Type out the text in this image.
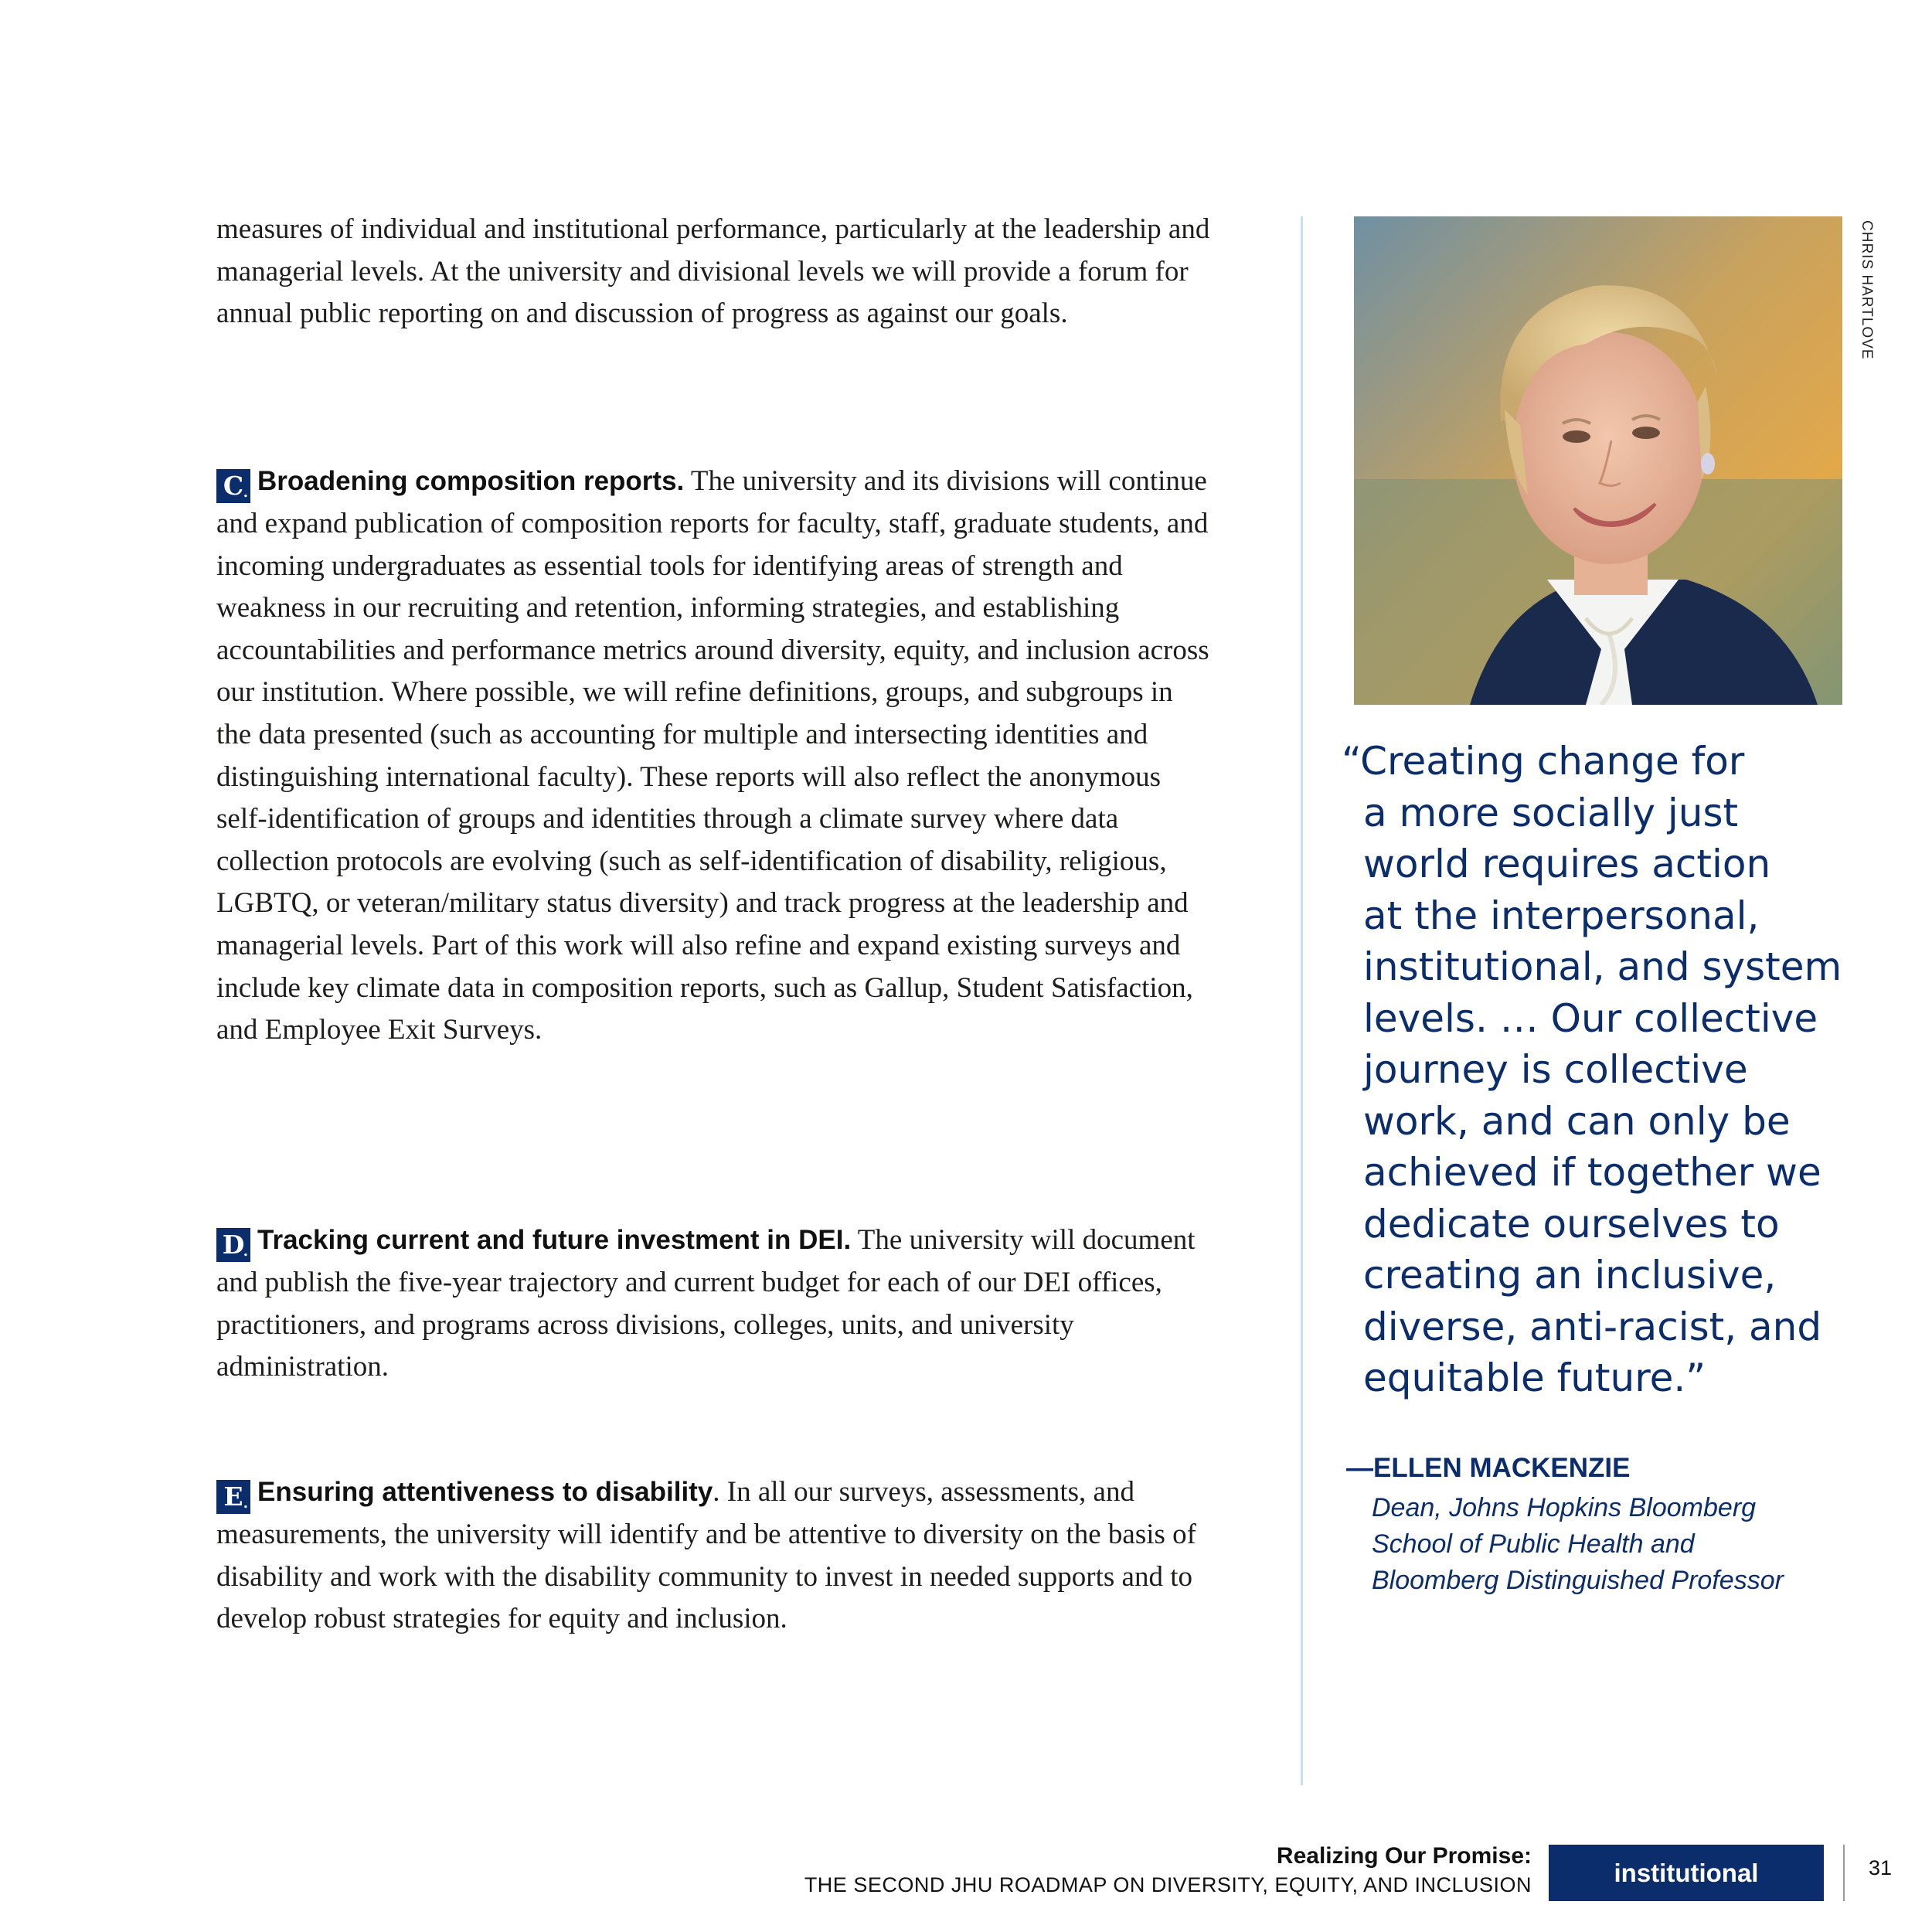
measures of individual and institutional performance, particularly at the leadership and managerial levels. At the university and divisional levels we will provide a forum for annual public reporting on and discussion of progress as against our goals.

C . Broadening composition reports. The university and its divisions will continue and expand publication of composition reports for faculty, staff, graduate students, and incoming undergraduates as essential tools for identifying areas of strength and weakness in our recruiting and retention, informing strategies, and establishing accountabilities and performance metrics around diversity, equity, and inclusion across our institution. Where possible, we will refine definitions, groups, and subgroups in the data presented (such as accounting for multiple and intersecting identities and distinguishing international faculty). These reports will also reflect the anonymous self-identification of groups and identities through a climate survey where data collection protocols are evolving (such as self-identification of disability, religious, LGBTQ, or veteran/military status diversity) and track progress at the leadership and managerial levels. Part of this work will also refine and expand existing surveys and include key climate data in composition reports, such as Gallup, Student Satisfaction, and Employee Exit Surveys.

D
. Tracking current and future investment in DEI. The university will document and publish the five-year trajectory and current budget for each of our DEI offices, practitioners, and programs across divisions, colleges, units, and university administration.

E . Ensuring attentiveness to disability. In all our surveys, assessments, and measurements, the university will identify and be attentive to diversity on the basis of disability and work with the disability community to invest in needed supports and to develop robust strategies for equity and inclusion.

CHRIS HARTLOVE
“Creating change for
a more socially just
world requires action
at the interpersonal,
institutional, and system
levels. … Our collective
journey is collective
work, and can only be
achieved if together we
dedicate ourselves to
creating an inclusive,
diverse, anti-racist, and
equitable future.”
—ELLEN MACKENZIE
Dean, Johns Hopkins Bloomberg
School of Public Health and
Bloomberg Distinguished Professor
Realizing Our Promise:
THE SECOND JHU ROADMAP ON DIVERSITY, EQUITY, AND INCLUSION	institutional	31
